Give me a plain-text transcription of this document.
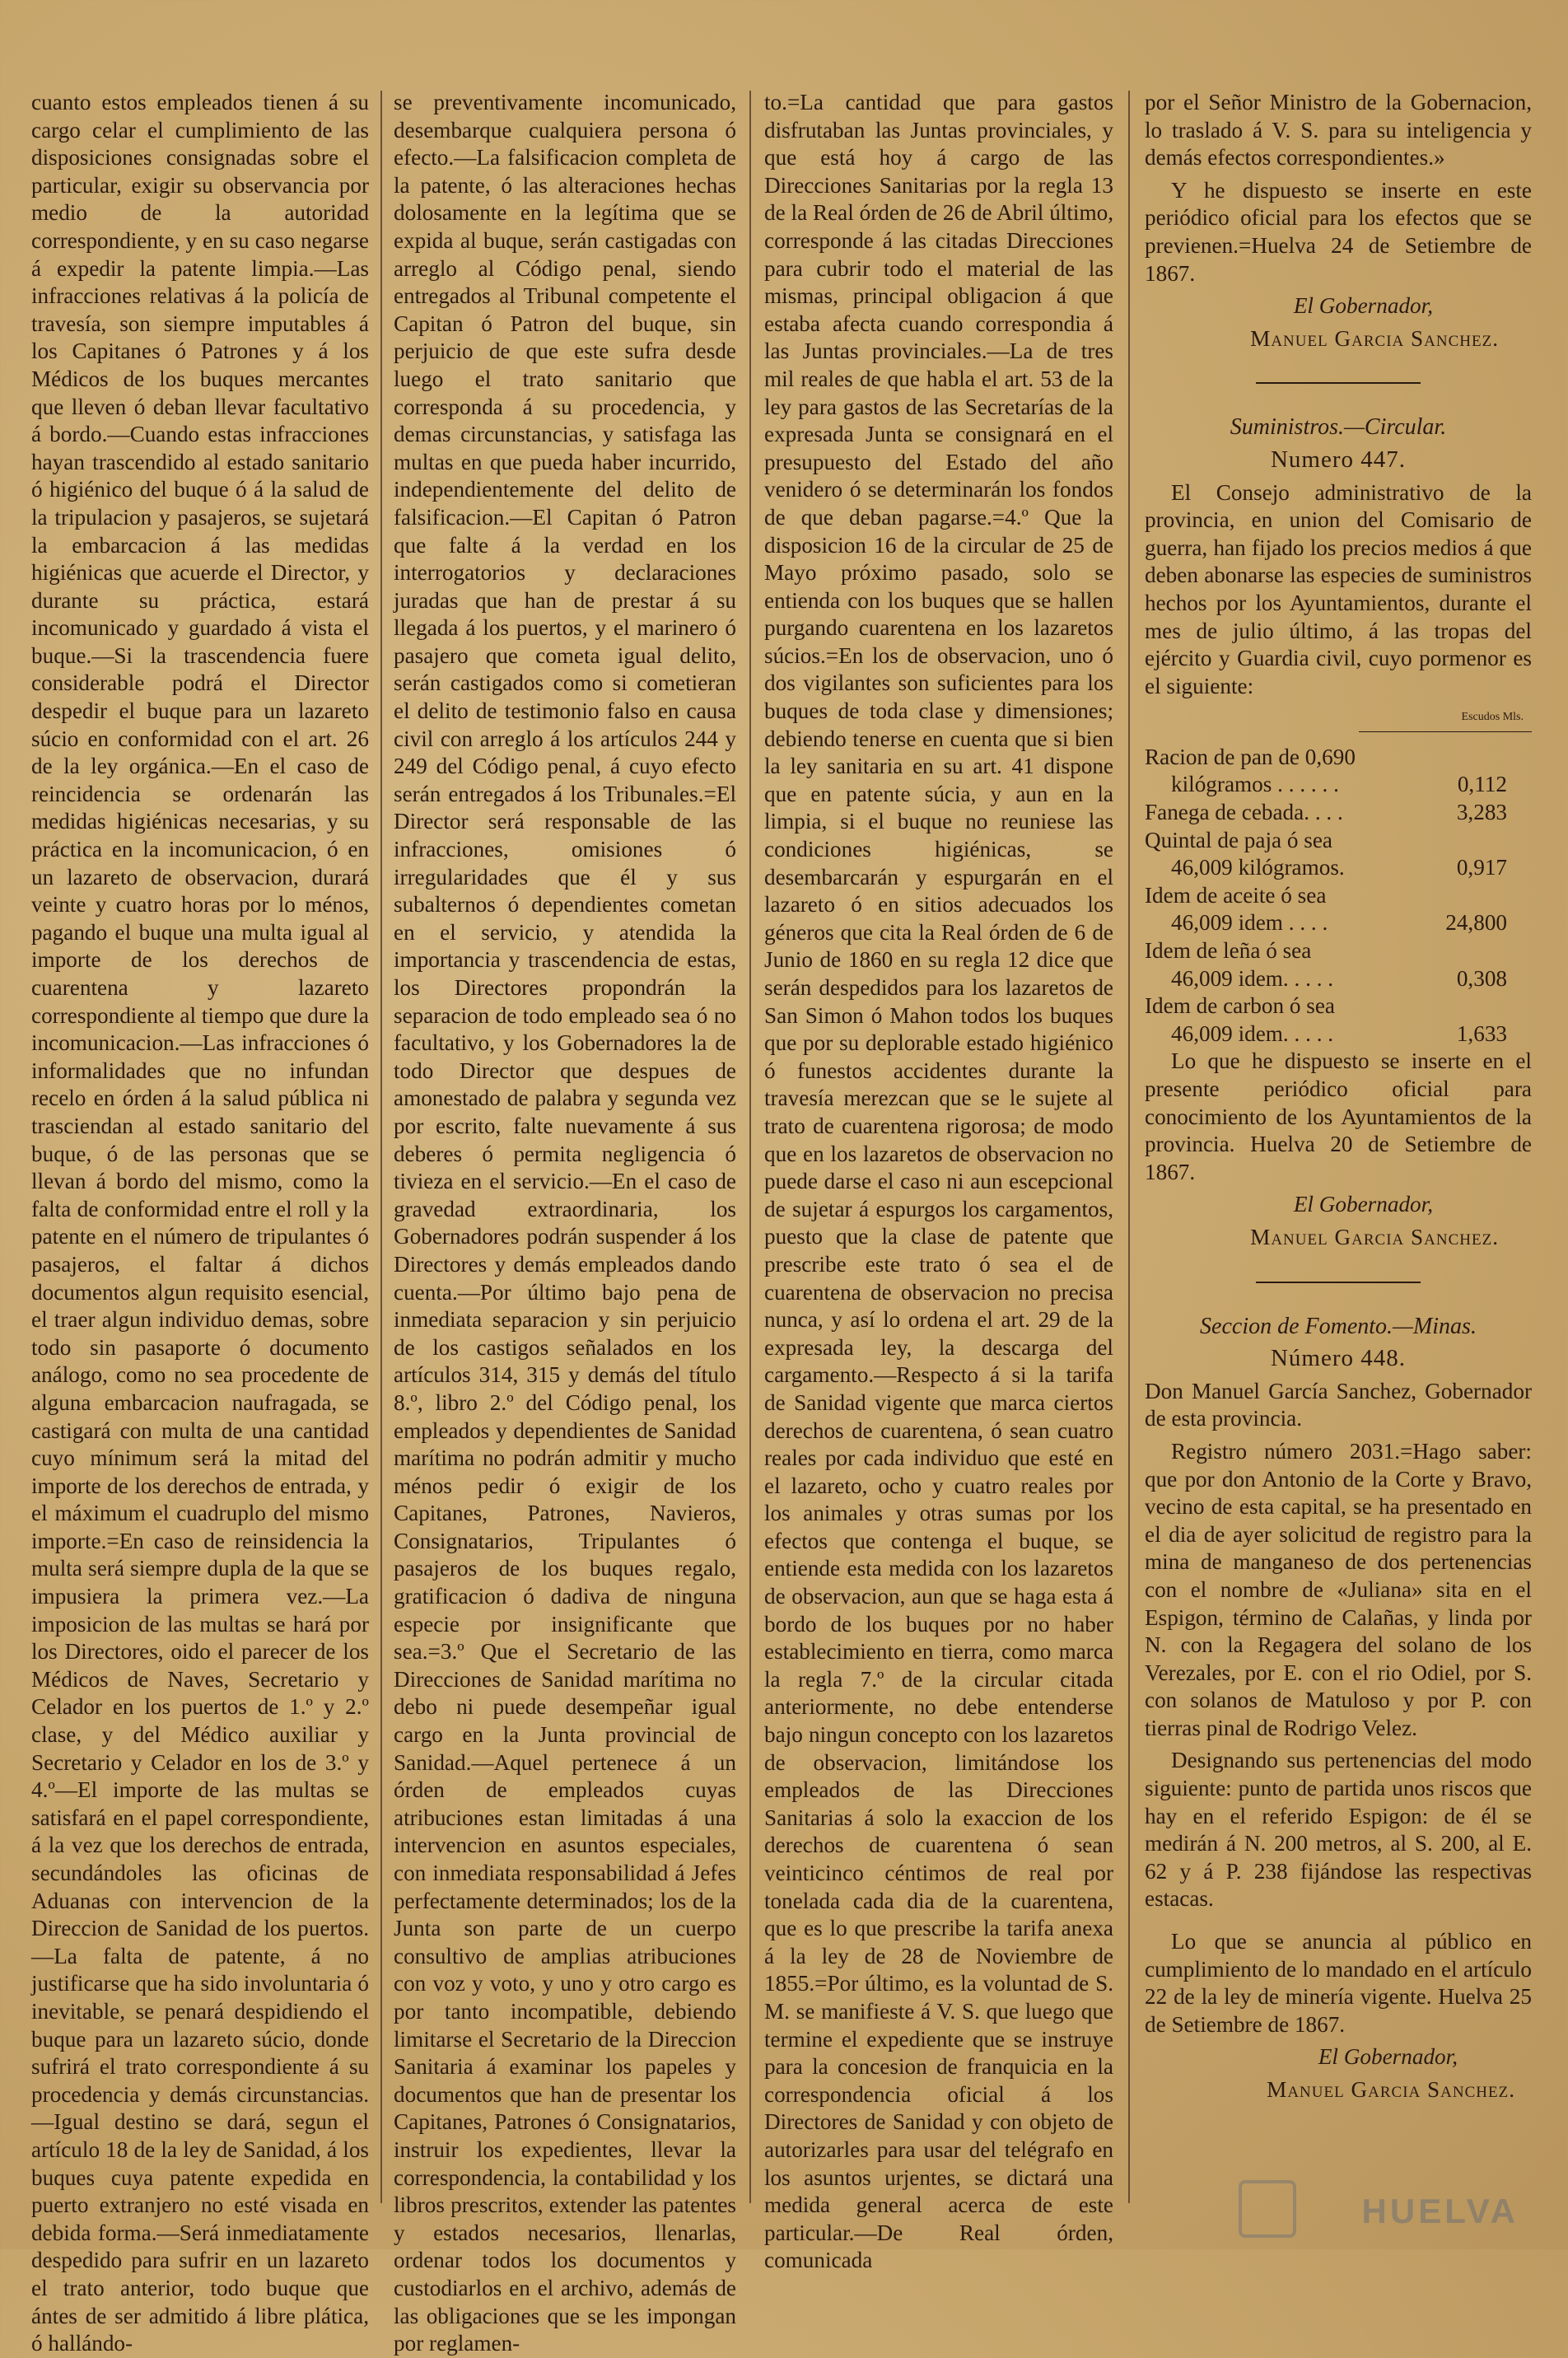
cuanto estos empleados tienen á su cargo celar el cumplimiento de las disposiciones consignadas sobre el particular, exigir su observancia por medio de la autoridad correspondiente, y en su caso negarse á expedir la patente limpia.—Las infracciones relativas á la policía de travesía, son siempre imputables á los Capitanes ó Patrones y á los Médicos de los buques mercantes que lleven ó deban llevar facultativo á bordo.—Cuando estas infracciones hayan trascendido al estado sanitario ó higiénico del buque ó á la salud de la tripulacion y pasajeros, se sujetará la embarcacion á las medidas higiénicas que acuerde el Director, y durante su práctica, estará incomunicado y guardado á vista el buque.—Si la trascendencia fuere considerable podrá el Director despedir el buque para un lazareto súcio en conformidad con el art. 26 de la ley orgánica.—En el caso de reincidencia se ordenarán las medidas higiénicas necesarias, y su práctica en la incomunicacion, ó en un lazareto de observacion, durará veinte y cuatro horas por lo ménos, pagando el buque una multa igual al importe de los derechos de cuarentena y lazareto correspondiente al tiempo que dure la incomunicacion.—Las infracciones ó informalidades que no infundan recelo en órden á la salud pública ni trasciendan al estado sanitario del buque, ó de las personas que se llevan á bordo del mismo, como la falta de conformidad entre el roll y la patente en el número de tripulantes ó pasajeros, el faltar á dichos documentos algun requisito esencial, el traer algun individuo demas, sobre todo sin pasaporte ó documento análogo, como no sea procedente de alguna embarcacion naufragada, se castigará con multa de una cantidad cuyo mínimum será la mitad del importe de los derechos de entrada, y el máximum el cuadruplo del mismo importe.=En caso de reinsidencia la multa será siempre dupla de la que se impusiera la primera vez.—La imposicion de las multas se hará por los Directores, oido el parecer de los Médicos de Naves, Secretario y Celador en los puertos de 1.º y 2.º clase, y del Médico auxiliar y Secretario y Celador en los de 3.º y 4.º—El importe de las multas se satisfará en el papel correspondiente, á la vez que los derechos de entrada, secundándoles las oficinas de Aduanas con intervencion de la Direccion de Sanidad de los puertos.—La falta de patente, á no justificarse que ha sido involuntaria ó inevitable, se penará despidiendo el buque para un lazareto súcio, donde sufrirá el trato correspondiente á su procedencia y demás circunstancias.—Igual destino se dará, segun el artículo 18 de la ley de Sanidad, á los buques cuya patente expedida en puerto extranjero no esté visada en debida forma.—Será inmediatamente despedido para sufrir en un lazareto el trato anterior, todo buque que ántes de ser admitido á libre plática, ó hallándo-

se preventivamente incomunicado, desembarque cualquiera persona ó efecto.—La falsificacion completa de la patente, ó las alteraciones hechas dolosamente en la legítima que se expida al buque, serán castigadas con arreglo al Código penal, siendo entregados al Tribunal competente el Capitan ó Patron del buque, sin perjuicio de que este sufra desde luego el trato sanitario que corresponda á su procedencia, y demas circunstancias, y satisfaga las multas en que pueda haber incurrido, independientemente del delito de falsificacion.—El Capitan ó Patron que falte á la verdad en los interrogatorios y declaraciones juradas que han de prestar á su llegada á los puertos, y el marinero ó pasajero que cometa igual delito, serán castigados como si cometieran el delito de testimonio falso en causa civil con arreglo á los artículos 244 y 249 del Código penal, á cuyo efecto serán entregados á los Tribunales.=El Director será responsable de las infracciones, omisiones ó irregularidades que él y sus subalternos ó dependientes cometan en el servicio, y atendida la importancia y trascendencia de estas, los Directores propondrán la separacion de todo empleado sea ó no facultativo, y los Gobernadores la de todo Director que despues de amonestado de palabra y segunda vez por escrito, falte nuevamente á sus deberes ó permita negligencia ó tivieza en el servicio.—En el caso de gravedad extraordinaria, los Gobernadores podrán suspender á los Directores y demás empleados dando cuenta.—Por último bajo pena de inmediata separacion y sin perjuicio de los castigos señalados en los artículos 314, 315 y demás del título 8.º, libro 2.º del Código penal, los empleados y dependientes de Sanidad marítima no podrán admitir y mucho ménos pedir ó exigir de los Capitanes, Patrones, Navieros, Consignatarios, Tripulantes ó pasajeros de los buques regalo, gratificacion ó dadiva de ninguna especie por insignificante que sea.=3.º Que el Secretario de las Direcciones de Sanidad marítima no debo ni puede desempeñar igual cargo en la Junta provincial de Sanidad.—Aquel pertenece á un órden de empleados cuyas atribuciones estan limitadas á una intervencion en asuntos especiales, con inmediata responsabilidad á Jefes perfectamente determinados; los de la Junta son parte de un cuerpo consultivo de amplias atribuciones con voz y voto, y uno y otro cargo es por tanto incompatible, debiendo limitarse el Secretario de la Direccion Sanitaria á examinar los papeles y documentos que han de presentar los Capitanes, Patrones ó Consignatarios, instruir los expedientes, llevar la correspondencia, la contabilidad y los libros prescritos, extender las patentes y estados necesarios, llenarlas, ordenar todos los documentos y custodiarlos en el archivo, además de las obligaciones que se les impongan por reglamen-

to.=La cantidad que para gastos disfrutaban las Juntas provinciales, y que está hoy á cargo de las Direcciones Sanitarias por la regla 13 de la Real órden de 26 de Abril último, corresponde á las citadas Direcciones para cubrir todo el material de las mismas, principal obligacion á que estaba afecta cuando correspondia á las Juntas provinciales.—La de tres mil reales de que habla el art. 53 de la ley para gastos de las Secretarías de la expresada Junta se consignará en el presupuesto del Estado del año venidero ó se determinarán los fondos de que deban pagarse.=4.º Que la disposicion 16 de la circular de 25 de Mayo próximo pasado, solo se entienda con los buques que se hallen purgando cuarentena en los lazaretos súcios.=En los de observacion, uno ó dos vigilantes son suficientes para los buques de toda clase y dimensiones; debiendo tenerse en cuenta que si bien la ley sanitaria en su art. 41 dispone que en patente súcia, y aun en la limpia, si el buque no reuniese las condiciones higiénicas, se desembarcarán y espurgarán en el lazareto ó en sitios adecuados los géneros que cita la Real órden de 6 de Junio de 1860 en su regla 12 dice que serán despedidos para los lazaretos de San Simon ó Mahon todos los buques que por su deplorable estado higiénico ó funestos accidentes durante la travesía merezcan que se le sujete al trato de cuarentena rigorosa; de modo que en los lazaretos de observacion no puede darse el caso ni aun escepcional de sujetar á espurgos los cargamentos, puesto que la clase de patente que prescribe este trato ó sea el de cuarentena de observacion no precisa nunca, y así lo ordena el art. 29 de la expresada ley, la descarga del cargamento.—Respecto á si la tarifa de Sanidad vigente que marca ciertos derechos de cuarentena, ó sean cuatro reales por cada individuo que esté en el lazareto, ocho y cuatro reales por los animales y otras sumas por los efectos que contenga el buque, se entiende esta medida con los lazaretos de observacion, aun que se haga esta á bordo de los buques por no haber establecimiento en tierra, como marca la regla 7.º de la circular citada anteriormente, no debe entenderse bajo ningun concepto con los lazaretos de observacion, limitándose los empleados de las Direcciones Sanitarias á solo la exaccion de los derechos de cuarentena ó sean veinticinco céntimos de real por tonelada cada dia de la cuarentena, que es lo que prescribe la tarifa anexa á la ley de 28 de Noviembre de 1855.=Por último, es la voluntad de S. M. se manifieste á V. S. que luego que termine el expediente que se instruye para la concesion de franquicia en la correspondencia oficial á los Directores de Sanidad y con objeto de autorizarles para usar del telégrafo en los asuntos urjentes, se dictará una medida general acerca de este particular.—De Real órden, comunicada

por el Señor Ministro de la Gobernacion, lo traslado á V. S. para su inteligencia y demás efectos correspondientes.»

Y he dispuesto se inserte en este periódico oficial para los efectos que se previenen.=Huelva 24 de Setiembre de 1867.

El Gobernador,

Manuel Garcia Sanchez.

Suministros.—Circular.

Numero 447.

El Consejo administrativo de la provincia, en union del Comisario de guerra, han fijado los precios medios á que deben abonarse las especies de suministros hechos por los Ayuntamientos, durante el mes de julio último, á las tropas del ejército y Guardia civil, cuyo pormenor es el siguiente:

Escudos Mls.
Racion de pan de 0,690
kilógramos . . . . . .	0,112
Fanega de cebada. . . .	3,283
Quintal de paja ó sea
46,009 kilógramos.	0,917
Idem de aceite ó sea
46,009 idem . . . .	24,800
Idem de leña ó sea
46,009 idem. . . . .	0,308
Idem de carbon ó sea
46,009 idem. . . . .	1,633

Lo que he dispuesto se inserte en el presente periódico oficial para conocimiento de los Ayuntamientos de la provincia. Huelva 20 de Setiembre de 1867.

El Gobernador,

Manuel Garcia Sanchez.

Seccion de Fomento.—Minas.

Número 448.

Don Manuel García Sanchez, Gobernador de esta provincia.

Registro número 2031.=Hago saber: que por don Antonio de la Corte y Bravo, vecino de esta capital, se ha presentado en el dia de ayer solicitud de registro para la mina de manganeso de dos pertenencias con el nombre de «Juliana» sita en el Espigon, término de Calañas, y linda por N. con la Regagera del solano de los Verezales, por E. con el rio Odiel, por S. con solanos de Matuloso y por P. con tierras pinal de Rodrigo Velez.

Designando sus pertenencias del modo siguiente: punto de partida unos riscos que hay en el referido Espigon: de él se medirán á N. 200 metros, al S. 200, al E. 62 y á P. 238 fijándose las respectivas estacas.

Lo que se anuncia al público en cumplimiento de lo mandado en el artículo 22 de la ley de minería vigente. Huelva 25 de Setiembre de 1867.

El Gobernador,

Manuel Garcia Sanchez.

HUELVA
